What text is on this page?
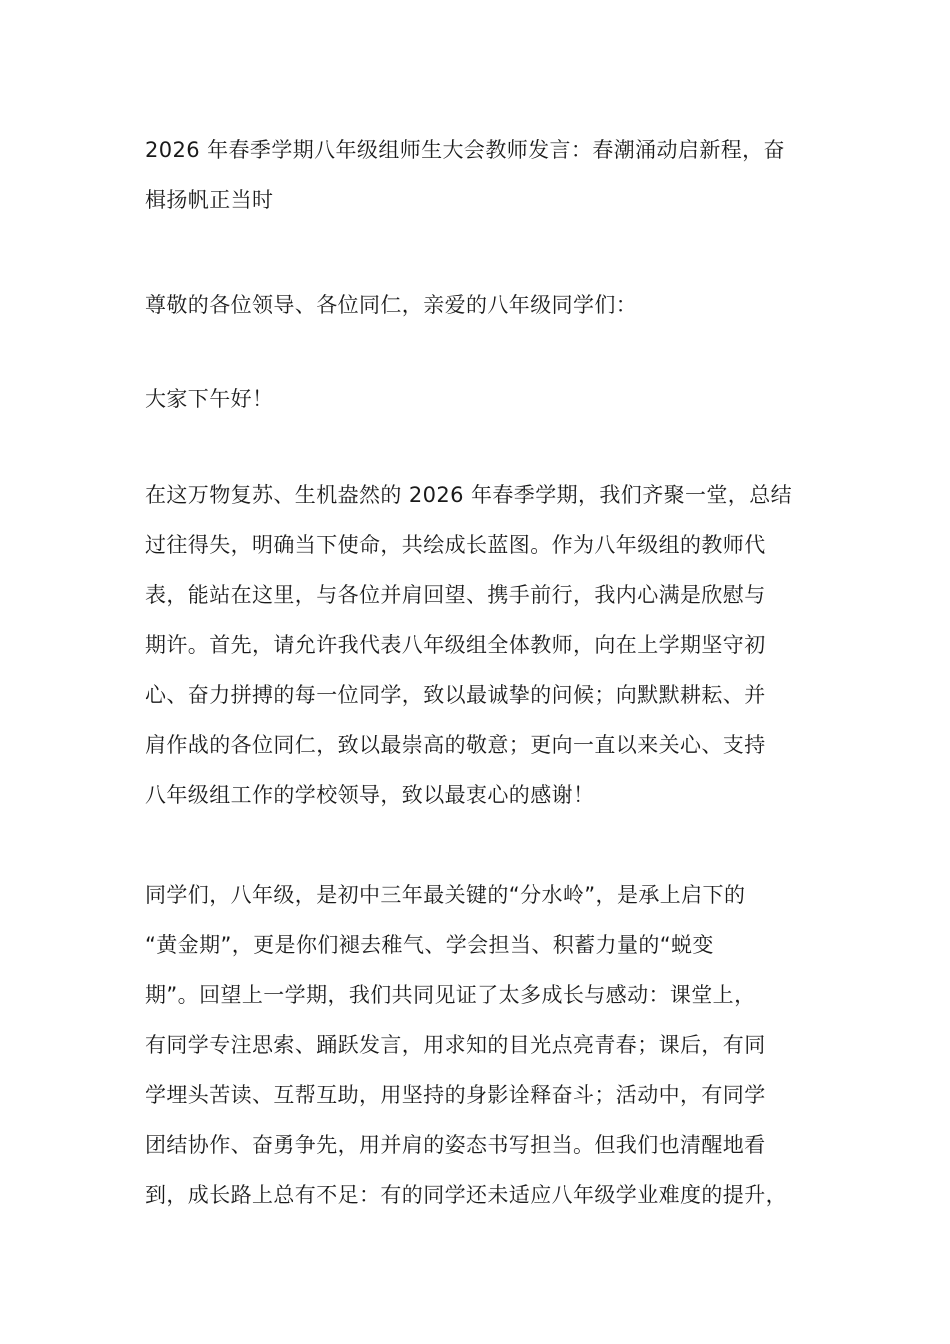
2026 年春季学期八年级组师生大会教师发言：春潮涌动启新程，奋
楫扬帆正当时
尊敬的各位领导、各位同仁，亲爱的八年级同学们：
大家下午好！
在这万物复苏、生机盎然的 2026 年春季学期，我们齐聚一堂，总结
过往得失，明确当下使命，共绘成长蓝图。作为八年级组的教师代
表，能站在这里，与各位并肩回望、携手前行，我内心满是欣慰与
期许。首先，请允许我代表八年级组全体教师，向在上学期坚守初
心、奋力拼搏的每一位同学，致以最诚挚的问候；向默默耕耘、并
肩作战的各位同仁，致以最崇高的敬意；更向一直以来关心、支持
八年级组工作的学校领导，致以最衷心的感谢！
同学们，八年级，是初中三年最关键的“分水岭”，是承上启下的
“黄金期”，更是你们褪去稚气、学会担当、积蓄力量的“蜕变
期”。回望上一学期，我们共同见证了太多成长与感动：课堂上，
有同学专注思索、踊跃发言，用求知的目光点亮青春；课后，有同
学埋头苦读、互帮互助，用坚持的身影诠释奋斗；活动中，有同学
团结协作、奋勇争先，用并肩的姿态书写担当。但我们也清醒地看
到，成长路上总有不足：有的同学还未适应八年级学业难度的提升，
